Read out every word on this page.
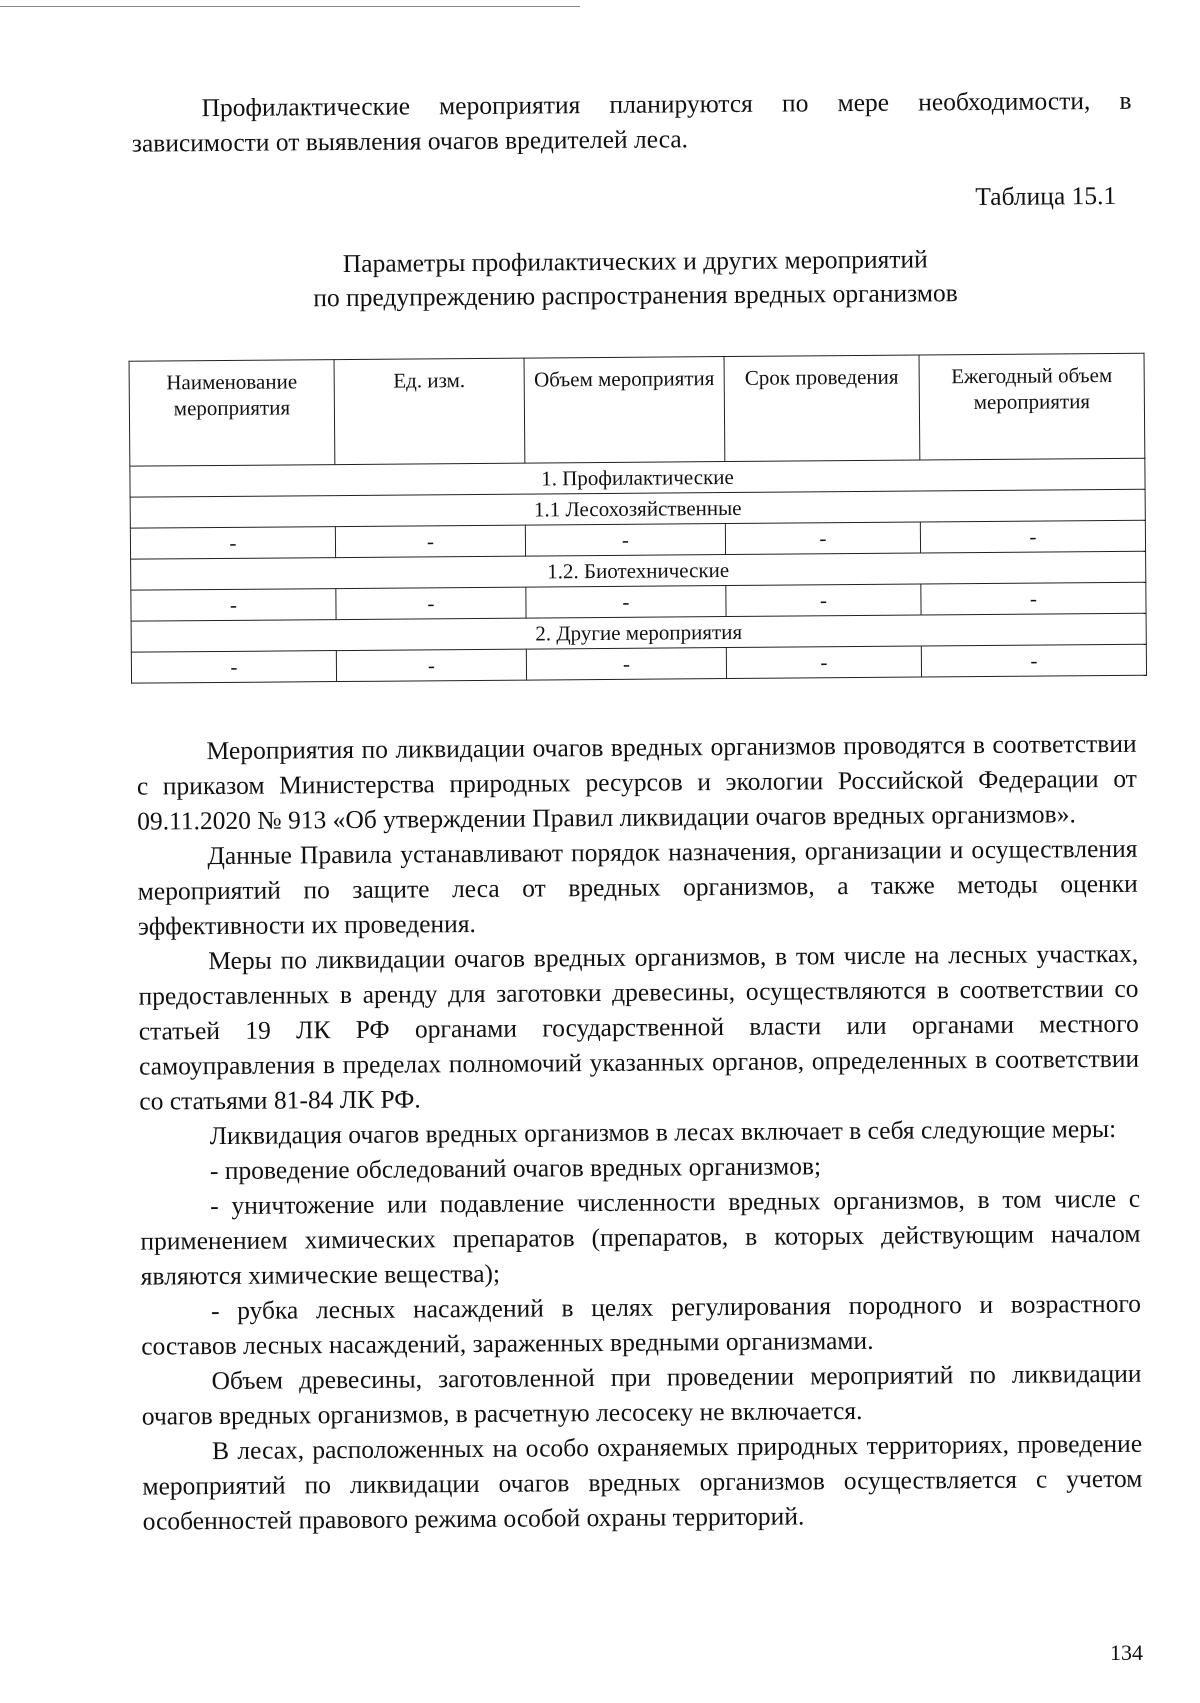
Профилактические мероприятия планируются по мере необходимости, в зависимости от выявления очагов вредителей леса.

Таблица 15.1
Параметры профилактических и других мероприятий
по предупреждению распространения вредных организмов
Наименование мероприятия	Ед. изм.	Объем мероприятия	Срок проведения	Ежегодный объем мероприятия
1. Профилактические				
1.1 Лесохозяйственные				
-	-	-	-	-
1.2. Биотехнические				
-	-	-	-	-
2. Другие мероприятия				
-	-	-	-	-

Мероприятия по ликвидации очагов вредных организмов проводятся в соответствии с приказом Министерства природных ресурсов и экологии Российской Федерации от 09.11.2020 № 913 «Об утверждении Правил ликвидации очагов вредных организмов».

Данные Правила устанавливают порядок назначения, организации и осуществления мероприятий по защите леса от вредных организмов, а также методы оценки эффективности их проведения.

Меры по ликвидации очагов вредных организмов, в том числе на лесных участках, предоставленных в аренду для заготовки древесины, осуществляются в соответствии со статьей 19 ЛК РФ органами государственной власти или органами местного самоуправления в пределах полномочий указанных органов, определенных в соответствии со статьями 81-84 ЛК РФ.

Ликвидация очагов вредных организмов в лесах включает в себя следующие меры:

- проведение обследований очагов вредных организмов;

- уничтожение или подавление численности вредных организмов, в том числе с применением химических препаратов (препаратов, в которых действующим началом являются химические вещества);

- рубка лесных насаждений в целях регулирования породного и возрастного составов лесных насаждений, зараженных вредными организмами.

Объем древесины, заготовленной при проведении мероприятий по ликвидации очагов вредных организмов, в расчетную лесосеку не включается.

В лесах, расположенных на особо охраняемых природных территориях, проведение мероприятий по ликвидации очагов вредных организмов осуществляется с учетом особенностей правового режима особой охраны территорий.

134
